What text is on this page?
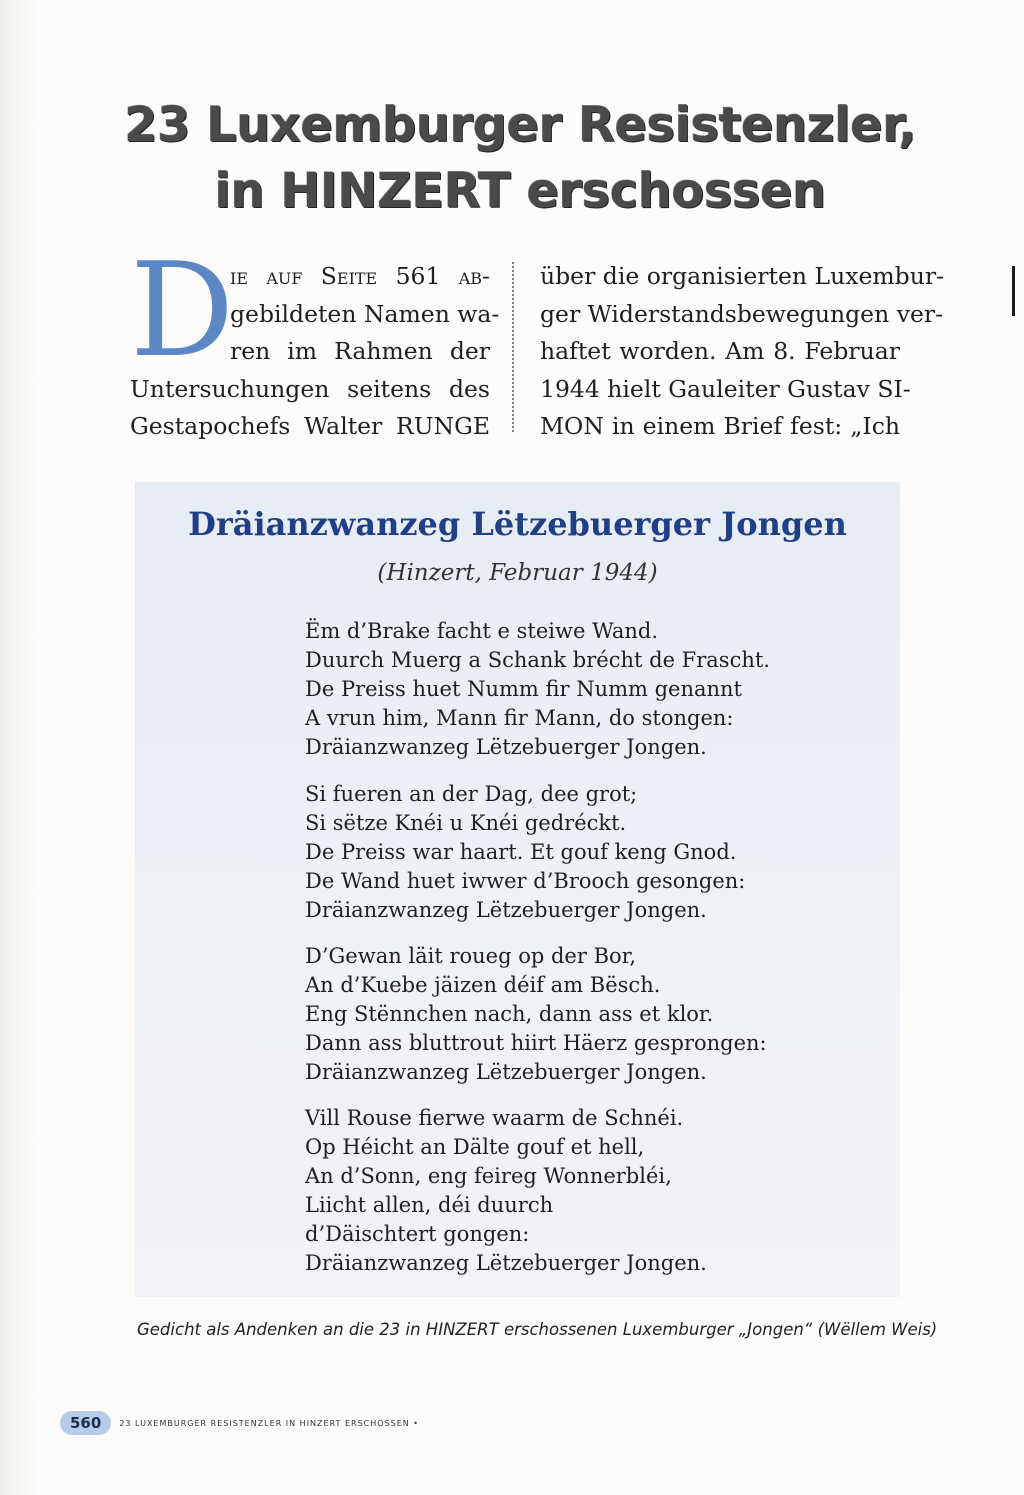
23 Luxemburger Resistenzler,
in HINZERT erschossen
D
ie auf Seite 561 ab-
gebildeten Namen wa-
ren im Rahmen der
Untersuchungen seitens des
Gestapochefs Walter RUNGE
über die organisierten Luxembur-
ger Widerstandsbewegungen ver-
haftet worden. Am 8. Februar
1944 hielt Gauleiter Gustav SI-
MON in einem Brief fest: „Ich
Dräianzwanzeg Lëtzebuerger Jongen
(Hinzert, Februar 1944)
Ëm d’Brake facht e steiwe Wand.
Duurch Muerg a Schank brécht de Frascht.
De Preiss huet Numm fir Numm genannt
A vrun him, Mann fir Mann, do stongen:
Dräianzwanzeg Lëtzebuerger Jongen.
Si fueren an der Dag, dee grot;
Si sëtze Knéi u Knéi gedréckt.
De Preiss war haart. Et gouf keng Gnod.
De Wand huet iwwer d’Brooch gesongen:
Dräianzwanzeg Lëtzebuerger Jongen.
D’Gewan läit roueg op der Bor,
An d’Kuebe jäizen déif am Bësch.
Eng Stënnchen nach, dann ass et klor.
Dann ass bluttrout hiirt Häerz gesprongen:
Dräianzwanzeg Lëtzebuerger Jongen.
Vill Rouse fierwe waarm de Schnéi.
Op Héicht an Dälte gouf et hell,
An d’Sonn, eng feireg Wonnerbléi,
Liicht allen, déi duurch
d’Däischtert gongen:
Dräianzwanzeg Lëtzebuerger Jongen.
Gedicht als Andenken an die 23 in HINZERT erschossenen Luxemburger „Jongen“ (Wëllem Weis)
560	23 LUXEMBURGER RESISTENZLER IN HINZERT ERSCHOSSEN •
